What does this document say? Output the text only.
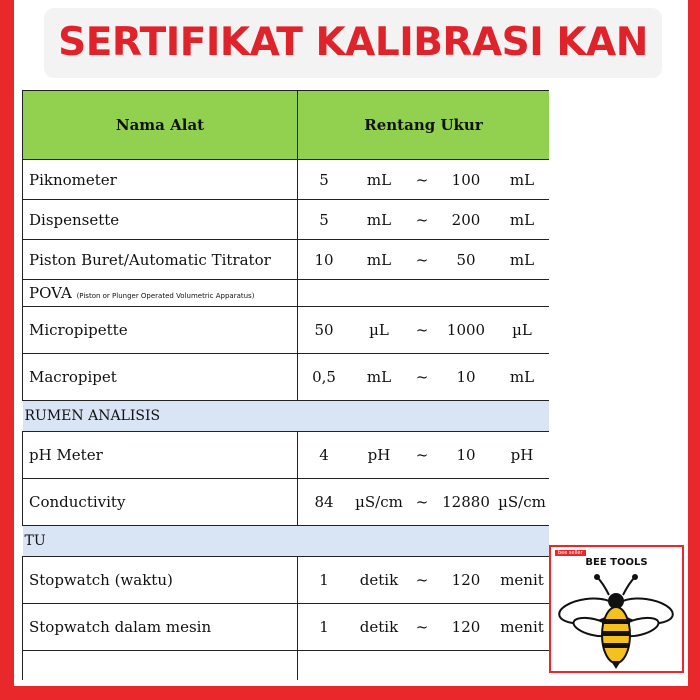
SERTIFIKAT KALIBRASI KAN
Nama Alat	Rentang Ukur
Piknometer	5 mL ~ 100 mL

Dispensette	5 mL ~ 200 mL

Piston Buret/Automatic Titrator	10 mL ~ 50 mL

POVA (Piston or Plunger Operated Volumetric Apparatus)	
Micropipette	50 µL ~ 1000 µL

Macropipet	0,5 mL ~ 10 mL

RUMEN ANALISIS	
pH Meter	4 pH ~ 10 pH

Conductivity	84 µS/cm ~ 12880 µS/cm

TU	
Stopwatch (waktu)	1 detik ~ 120 menit

Stopwatch dalam mesin	1 detik ~ 120 menit

bee seller
BEE TOOLS
